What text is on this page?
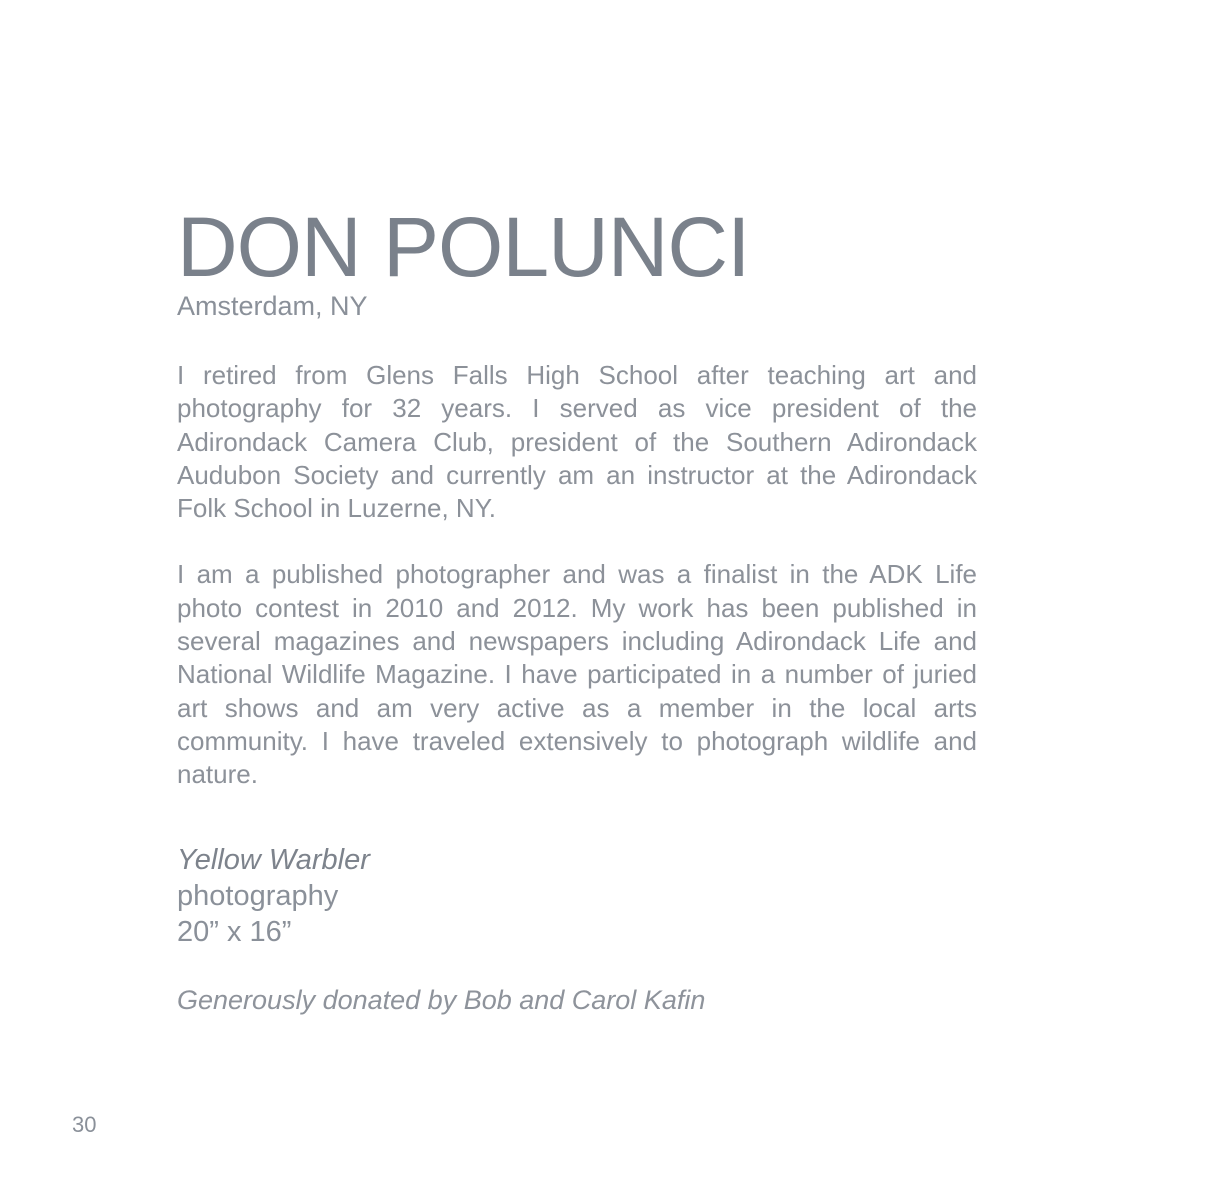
DON POLUNCI
Amsterdam, NY

I retired from Glens Falls High School after teaching art and photography for 32 years. I served as vice president of the Adirondack Camera Club, president of the Southern Adirondack Audubon Society and currently am an instructor at the Adirondack Folk School in Luzerne, NY.

I am a published photographer and was a finalist in the ADK Life photo contest in 2010 and 2012. My work has been published in several magazines and newspapers including Adirondack Life and National Wildlife Magazine. I have participated in a number of juried art shows and am very active as a member in the local arts community. I have traveled extensively to photograph wildlife and nature.

Yellow Warbler
photography
20” x 16”
Generously donated by Bob and Carol Kafin
30
